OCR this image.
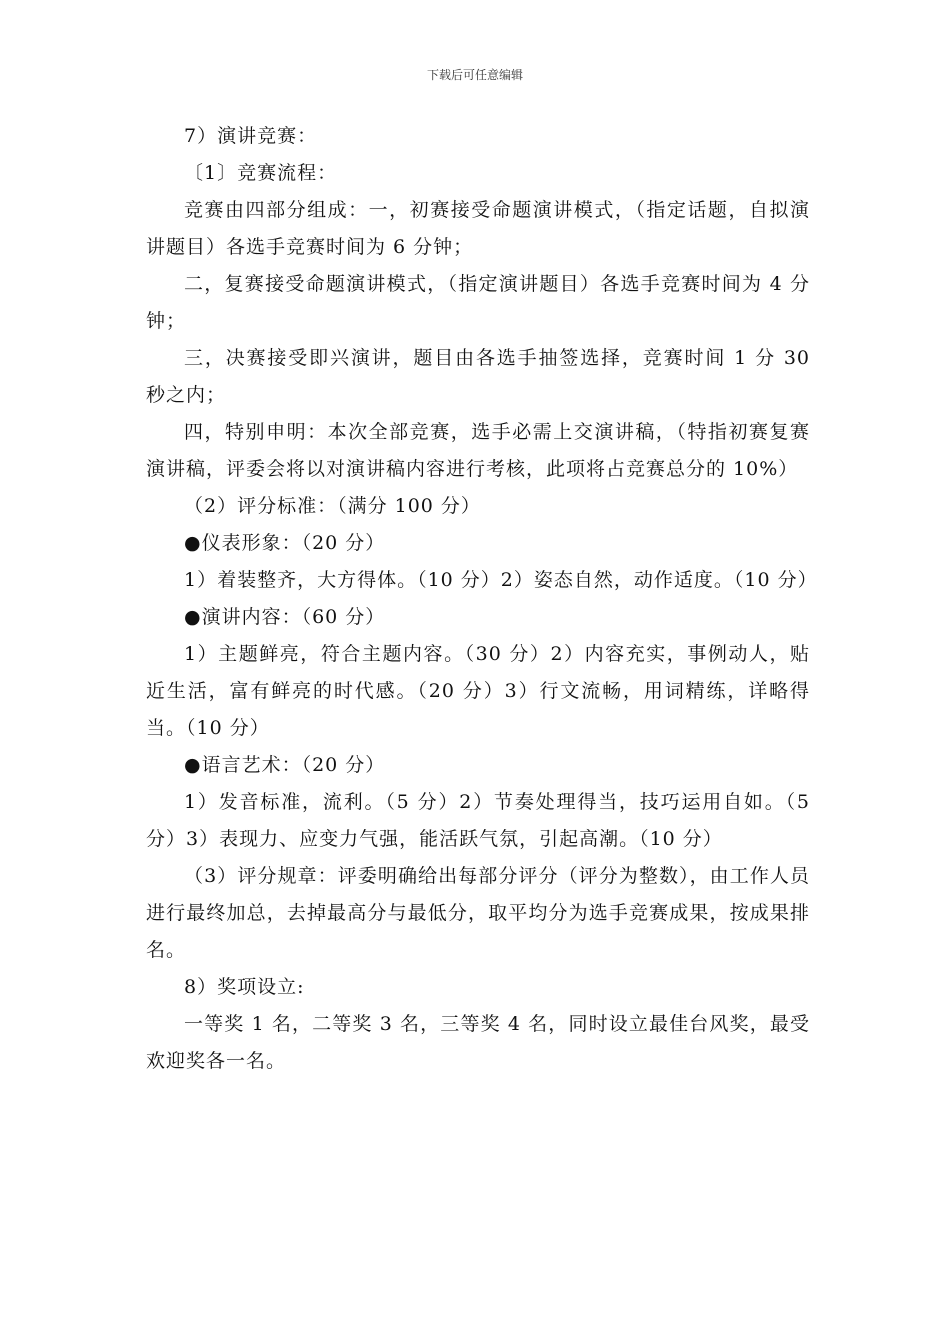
下载后可任意编辑

7）演讲竞赛：

〔1〕竞赛流程：

竞赛由四部分组成：一，初赛接受命题演讲模式，（指定话题，自拟演讲题目）各选手竞赛时间为 6 分钟；

二，复赛接受命题演讲模式，（指定演讲题目）各选手竞赛时间为 4 分钟；

三，决赛接受即兴演讲，题目由各选手抽签选择，竞赛时间 1 分 30 秒之内；

四，特别申明：本次全部竞赛，选手必需上交演讲稿，（特指初赛复赛演讲稿，评委会将以对演讲稿内容进行考核，此项将占竞赛总分的 10%）

（2）评分标准：（满分 100 分）

●仪表形象：（20 分）

1）着装整齐，大方得体。（10 分）2）姿态自然，动作适度。（10 分）

●演讲内容：（60 分）

1）主题鲜亮，符合主题内容。（30 分）2）内容充实，事例动人，贴近生活，富有鲜亮的时代感。（20 分）3）行文流畅，用词精练，详略得当。（10 分）

●语言艺术：（20 分）

1）发音标准，流利。（5 分）2）节奏处理得当，技巧运用自如。（5 分）3）表现力、应变力气强，能活跃气氛，引起高潮。（10 分）

（3）评分规章：评委明确给出每部分评分（评分为整数），由工作人员进行最终加总，去掉最高分与最低分，取平均分为选手竞赛成果，按成果排名。

8）奖项设立:

一等奖 1 名，二等奖 3 名，三等奖 4 名，同时设立最佳台风奖，最受欢迎奖各一名。
